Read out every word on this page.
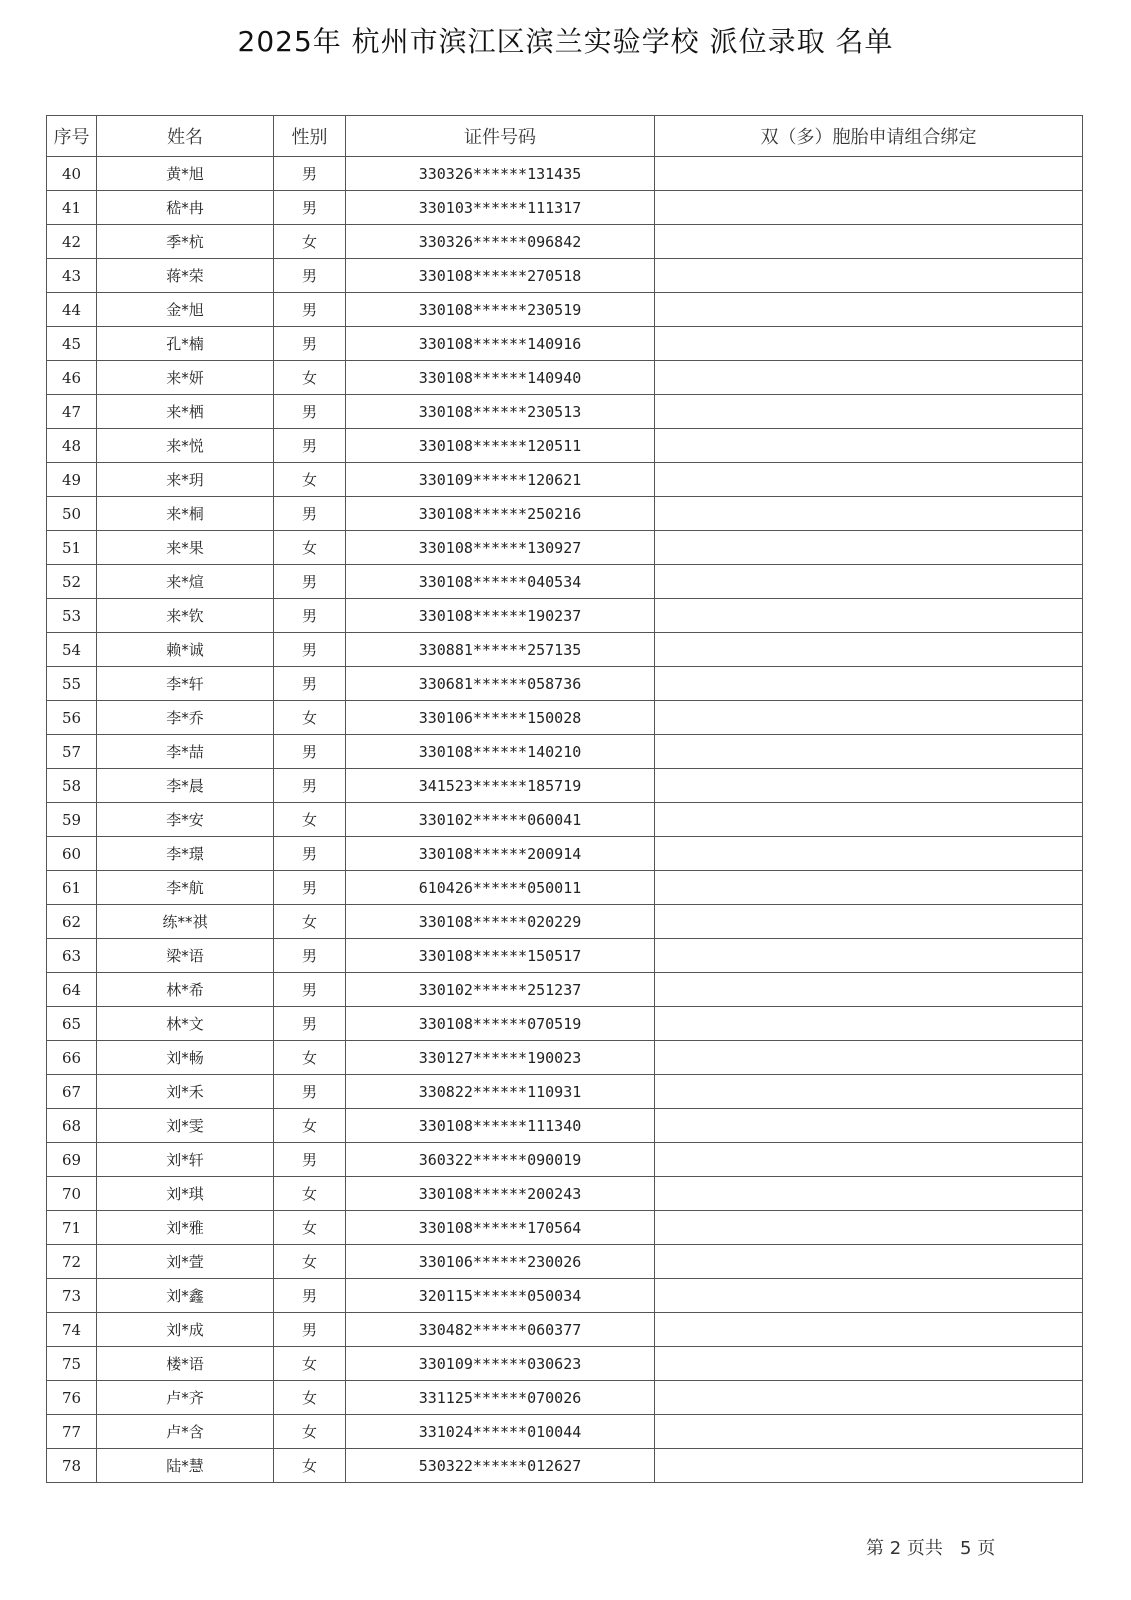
2025年 杭州市滨江区滨兰实验学校 派位录取 名单
序号	姓名	性别	证件号码	双（多）胞胎申请组合绑定
40	黄*旭	男	330326******131435	
41	嵇*冉	男	330103******111317	
42	季*杭	女	330326******096842	
43	蒋*荣	男	330108******270518	
44	金*旭	男	330108******230519	
45	孔*楠	男	330108******140916	
46	来*妍	女	330108******140940	
47	来*栖	男	330108******230513	
48	来*悦	男	330108******120511	
49	来*玥	女	330109******120621	
50	来*桐	男	330108******250216	
51	来*果	女	330108******130927	
52	来*煊	男	330108******040534	
53	来*钦	男	330108******190237	
54	赖*诚	男	330881******257135	
55	李*轩	男	330681******058736	
56	李*乔	女	330106******150028	
57	李*喆	男	330108******140210	
58	李*晨	男	341523******185719	
59	李*安	女	330102******060041	
60	李*璟	男	330108******200914	
61	李*航	男	610426******050011	
62	练**祺	女	330108******020229	
63	梁*语	男	330108******150517	
64	林*希	男	330102******251237	
65	林*文	男	330108******070519	
66	刘*畅	女	330127******190023	
67	刘*禾	男	330822******110931	
68	刘*雯	女	330108******111340	
69	刘*轩	男	360322******090019	
70	刘*琪	女	330108******200243	
71	刘*雅	女	330108******170564	
72	刘*萱	女	330106******230026	
73	刘*鑫	男	320115******050034	
74	刘*成	男	330482******060377	
75	楼*语	女	330109******030623	
76	卢*齐	女	331125******070026	
77	卢*含	女	331024******010044	
78	陆*慧	女	530322******012627	
第 2 页共   5 页
